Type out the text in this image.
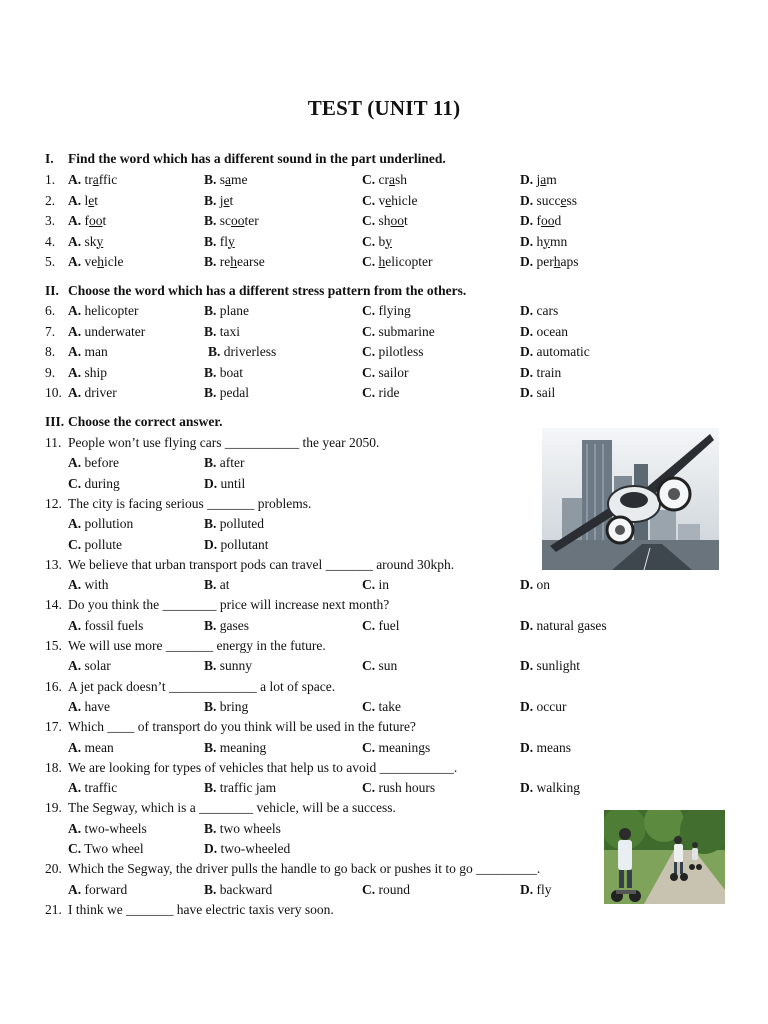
TEST (UNIT 11)
I. Find the word which has a different sound in the part underlined.
1. A. traffic	B. same	C. crash	D. jam
2. A. let	B. jet	C. vehicle	D. success
3. A. foot	B. scooter	C. shoot	D. food
4. A. sky	B. fly	C. by	D. hymn
5. A. vehicle	B. rehearse	C. helicopter	D. perhaps
II. Choose the word which has a different stress pattern from the others.
6. A. helicopter	B. plane	C. flying	D. cars
7. A. underwater	B. taxi	C. submarine	D. ocean
8. A. man	B. driverless	C. pilotless	D. automatic
9. A. ship	B. boat	C. sailor	D. train
10. A. driver	B. pedal	C. ride	D. sail
III. Choose the correct answer.
11. People won’t use flying cars ___________ the year 2050.
A. before	B. after
C. during	D. until
12. The city is facing serious _______ problems.
A. pollution	B. polluted
C. pollute	D. pollutant
13. We believe that urban transport pods can travel _______ around 30kph.
A. with	B. at	C. in	D. on
14. Do you think the ________ price will increase next month?
A. fossil fuels	B. gases	C. fuel	D. natural gases
15. We will use more _______ energy in the future.
A. solar	B. sunny	C. sun	D. sunlight
16. A jet pack doesn’t _____________ a lot of space.
A. have	B. bring	C. take	D. occur
17. Which ____ of transport do you think will be used in the future?
A. mean	B. meaning	C. meanings	D. means
18. We are looking for types of vehicles that help us to avoid ___________.
A. traffic	B. traffic jam	C. rush hours	D. walking
19. The Segway, which is a ________ vehicle, will be a success.
A. two-wheels	B. two wheels
C. Two wheel	D. two-wheeled
20. Which the Segway, the driver pulls the handle to go back or pushes it to go _________.
A. forward	B. backward	C. round	D. fly
21. I think we _______ have electric taxis very soon.
